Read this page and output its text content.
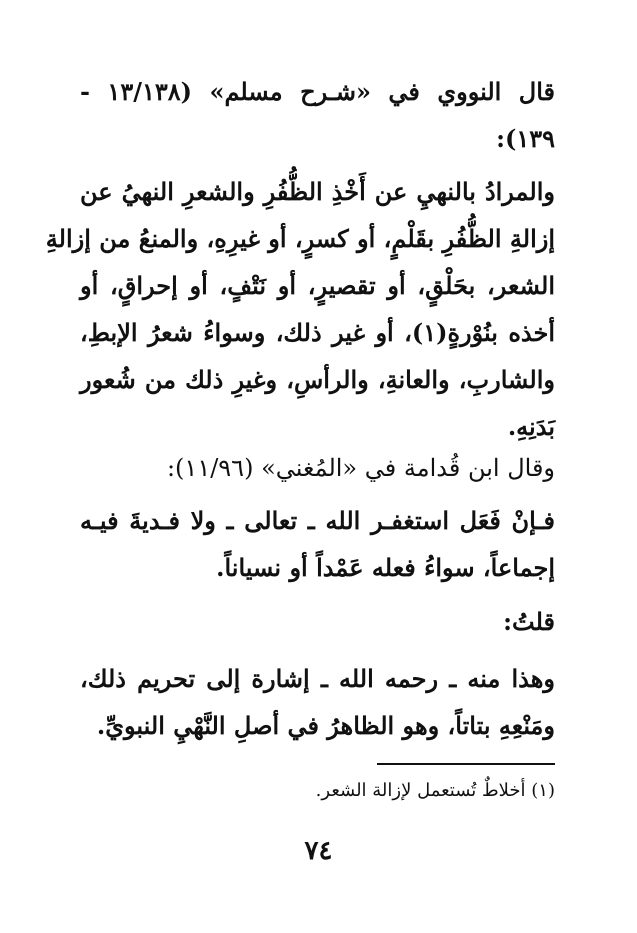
قال النووي في «شـرح مسلم» (١٣/١٣٨ -
١٣٩):
والمرادُ بالنهيِ عن أَخْذِ الظُّفُرِ والشعرِ النهيُ عن
إزالةِ الظُّفُرِ بقَلْمٍ، أو كسرٍ، أو غيرِهِ، والمنعُ من إزالةِ
الشعر، بحَلْقٍ، أو تقصيرٍ، أو نَتْفٍ، أو إحراقٍ، أو
أخذه بنُوْرةٍ(١)، أو غير ذلك، وسواءُ شعرُ الإبطِ،
والشاربِ، والعانةِ، والرأسِ، وغيرِ ذلك من شُعور
بَدَنِهِ.
وقال ابن قُدامة في «المُغني» (١١/٩٦):
فـإنْ فَعَل استغفـر الله ـ تعالى ـ ولا فـديةَ فيـه
إجماعاً، سواءُ فعله عَمْداً أو نسياناً.
قلتُ:
وهذا منه ـ رحمه الله ـ إشارة إلى تحريم ذلك،
ومَنْعِهِ بتاتاً، وهو الظاهرُ في أصلِ النَّهْيِ النبويِّ.
(١) أخلاطٌ تُستعمل لإزالة الشعر.
٧٤
